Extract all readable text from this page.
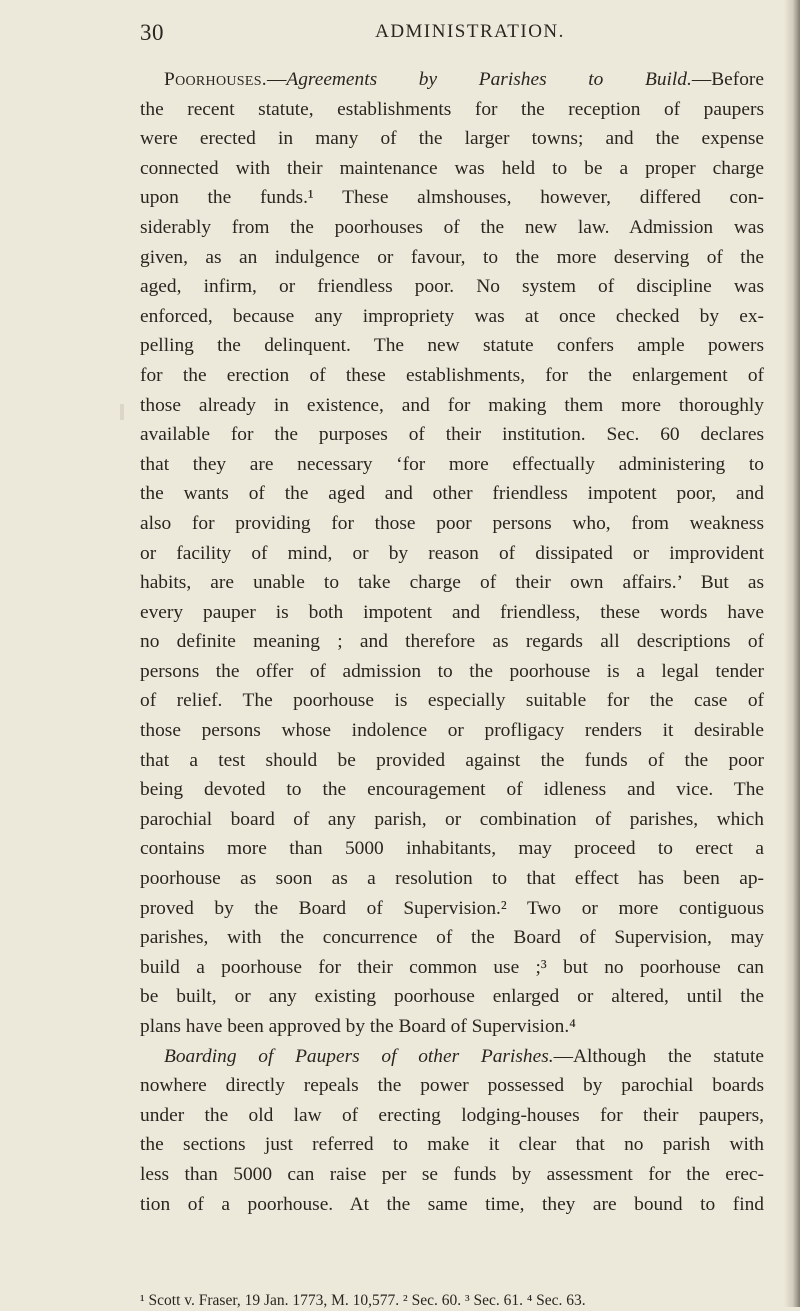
30	ADMINISTRATION.
Poorhouses.—Agreements by Parishes to Build.—Before
the recent statute, establishments for the reception of paupers
were erected in many of the larger towns; and the expense
connected with their maintenance was held to be a proper charge
upon the funds.¹ These almshouses, however, differed con-
siderably from the poorhouses of the new law. Admission was
given, as an indulgence or favour, to the more deserving of the
aged, infirm, or friendless poor. No system of discipline was
enforced, because any impropriety was at once checked by ex-
pelling the delinquent. The new statute confers ample powers
for the erection of these establishments, for the enlargement of
those already in existence, and for making them more thoroughly
available for the purposes of their institution. Sec. 60 declares
that they are necessary ‘for more effectually administering to
the wants of the aged and other friendless impotent poor, and
also for providing for those poor persons who, from weakness
or facility of mind, or by reason of dissipated or improvident
habits, are unable to take charge of their own affairs.’ But as
every pauper is both impotent and friendless, these words have
no definite meaning ; and therefore as regards all descriptions of
persons the offer of admission to the poorhouse is a legal tender
of relief. The poorhouse is especially suitable for the case of
those persons whose indolence or profligacy renders it desirable
that a test should be provided against the funds of the poor
being devoted to the encouragement of idleness and vice. The
parochial board of any parish, or combination of parishes, which
contains more than 5000 inhabitants, may proceed to erect a
poorhouse as soon as a resolution to that effect has been ap-
proved by the Board of Supervision.² Two or more contiguous
parishes, with the concurrence of the Board of Supervision, may
build a poorhouse for their common use ;³ but no poorhouse can
be built, or any existing poorhouse enlarged or altered, until the
plans have been approved by the Board of Supervision.⁴
Boarding of Paupers of other Parishes.—Although the statute
nowhere directly repeals the power possessed by parochial boards
under the old law of erecting lodging-houses for their paupers,
the sections just referred to make it clear that no parish with
less than 5000 can raise per se funds by assessment for the erec-
tion of a poorhouse. At the same time, they are bound to find
¹ Scott v. Fraser, 19 Jan. 1773, M. 10,577. ² Sec. 60. ³ Sec. 61. ⁴ Sec. 63.
